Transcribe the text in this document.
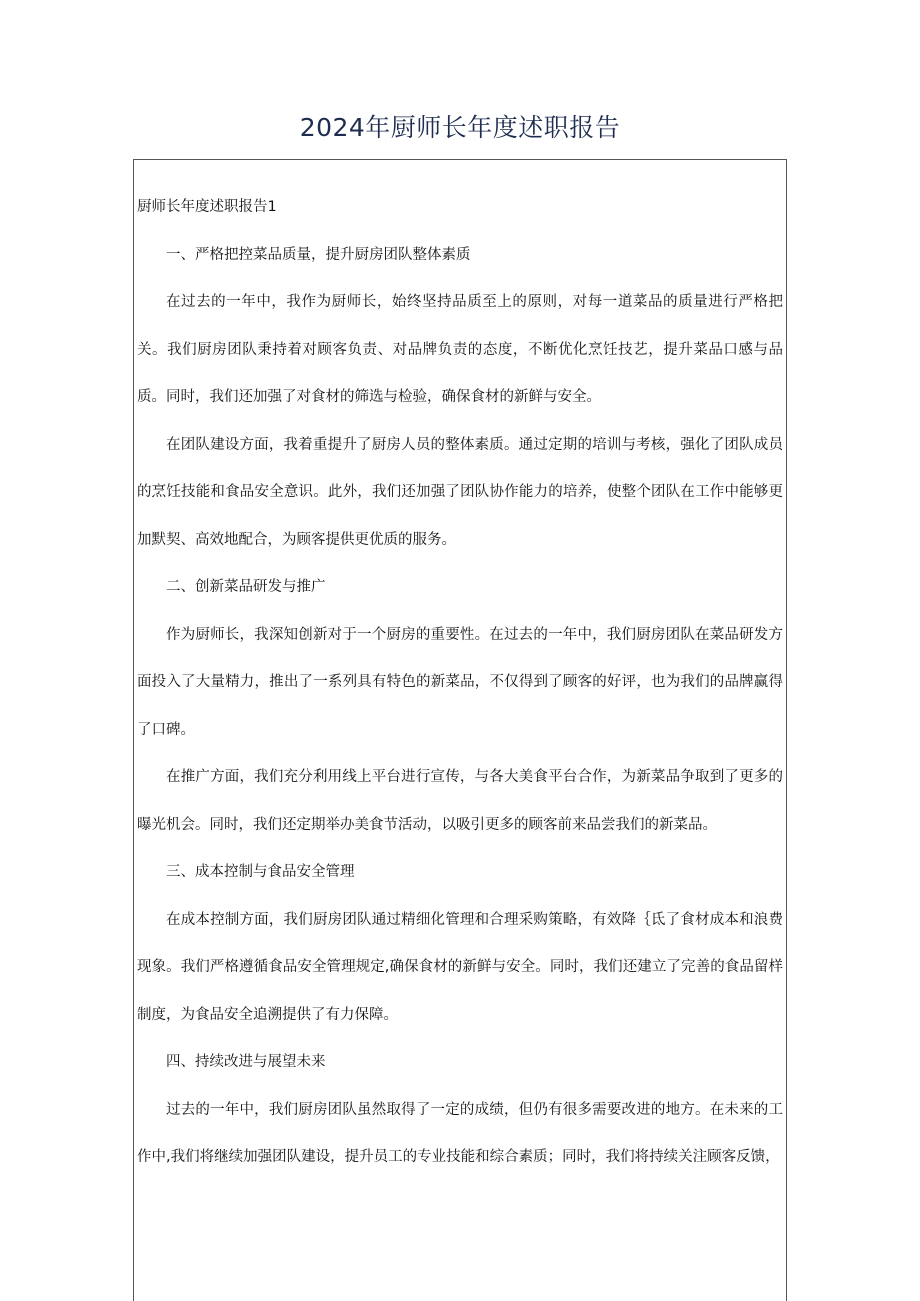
2024年厨师长年度述职报告

厨师长年度述职报告1

一、严格把控菜品质量，提升厨房团队整体素质

在过去的一年中，我作为厨师长，始终坚持品质至上的原则，对每一道菜品的质量进行严格把关。我们厨房团队秉持着对顾客负责、对品牌负责的态度，不断优化烹饪技艺，提升菜品口感与品质。同时，我们还加强了对食材的筛选与检验，确保食材的新鲜与安全。

在团队建设方面，我着重提升了厨房人员的整体素质。通过定期的培训与考核，强化了团队成员的烹饪技能和食品安全意识。此外，我们还加强了团队协作能力的培养，使整个团队在工作中能够更加默契、高效地配合，为顾客提供更优质的服务。

二、创新菜品研发与推广

作为厨师长，我深知创新对于一个厨房的重要性。在过去的一年中，我们厨房团队在菜品研发方面投入了大量精力，推出了一系列具有特色的新菜品，不仅得到了顾客的好评，也为我们的品牌赢得了口碑。

在推广方面，我们充分利用线上平台进行宣传，与各大美食平台合作，为新菜品争取到了更多的曝光机会。同时，我们还定期举办美食节活动，以吸引更多的顾客前来品尝我们的新菜品。

三、成本控制与食品安全管理

在成本控制方面，我们厨房团队通过精细化管理和合理采购策略，有效降｛氐了食材成本和浪费现象。我们严格遵循食品安全管理规定,确保食材的新鲜与安全。同时，我们还建立了完善的食品留样制度，为食品安全追溯提供了有力保障。

四、持续改进与展望未来

过去的一年中，我们厨房团队虽然取得了一定的成绩，但仍有很多需要改进的地方。在未来的工作中,我们将继续加强团队建设，提升员工的专业技能和综合素质；同时，我们将持续关注顾客反馈，
